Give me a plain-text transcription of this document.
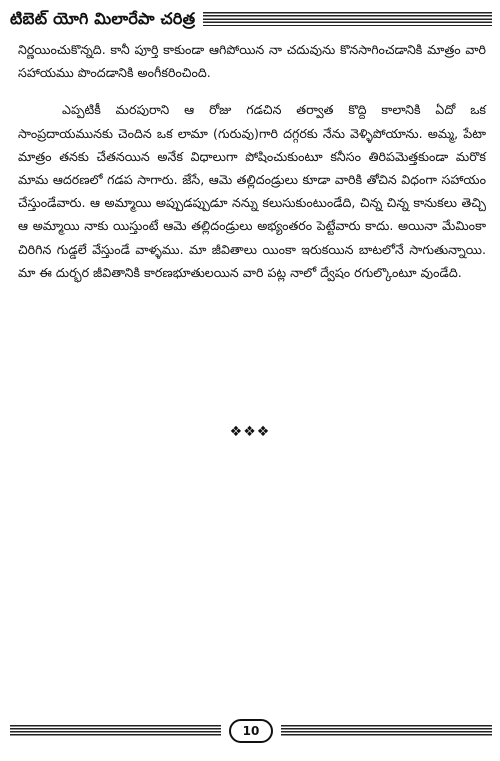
టిబెట్ యోగి మిలారేపా చరిత్ర

నిర్ణయించుకొన్నది. కానీ పూర్తి కాకుండా ఆగిపోయిన నా చదువును కొనసాగించడానికి మాత్రం వారి సహాయము పొందడానికి అంగీకరించింది.

ఎప్పటికీ మరపురాని ఆ రోజు గడచిన తర్వాత కొద్ది కాలానికి ఏదో ఒక సాంప్రదాయమునకు చెందిన ఒక లామా (గురువు)గారి దగ్గరకు నేను వెళ్ళిపోయాను. అమ్మ, పేటా మాత్రం తనకు చేతనయిన అనేక విధాలుగా పోషించుకుంటూ కనీసం తిరిపమెత్తకుండా మరొక మామ ఆదరణలో గడప సాగారు. జేసే, ఆమె తల్లిదండ్రులు కూడా వారికి తోచిన విధంగా సహాయం చేస్తుండేవారు. ఆ అమ్మాయి అప్పుడప్పుడూ నన్ను కలుసుకుంటుండేది, చిన్న చిన్న కానుకలు తెచ్చి ఆ అమ్మాయి నాకు యిస్తుంటే ఆమె తల్లిదండ్రులు అభ్యంతరం పెట్టేవారు కాదు. అయినా మేమింకా చిరిగిన గుడ్డలే వేస్తుండే వాళ్ళము. మా జీవితాలు యింకా ఇరుకయిన బాటలోనే సాగుతున్నాయి. మా ఈ దుర్భర జీవితానికి కారణభూతులయిన వారి పట్ల నాలో ద్వేషం రగుల్కొంటూ వుండేది.

❖❖❖
10
